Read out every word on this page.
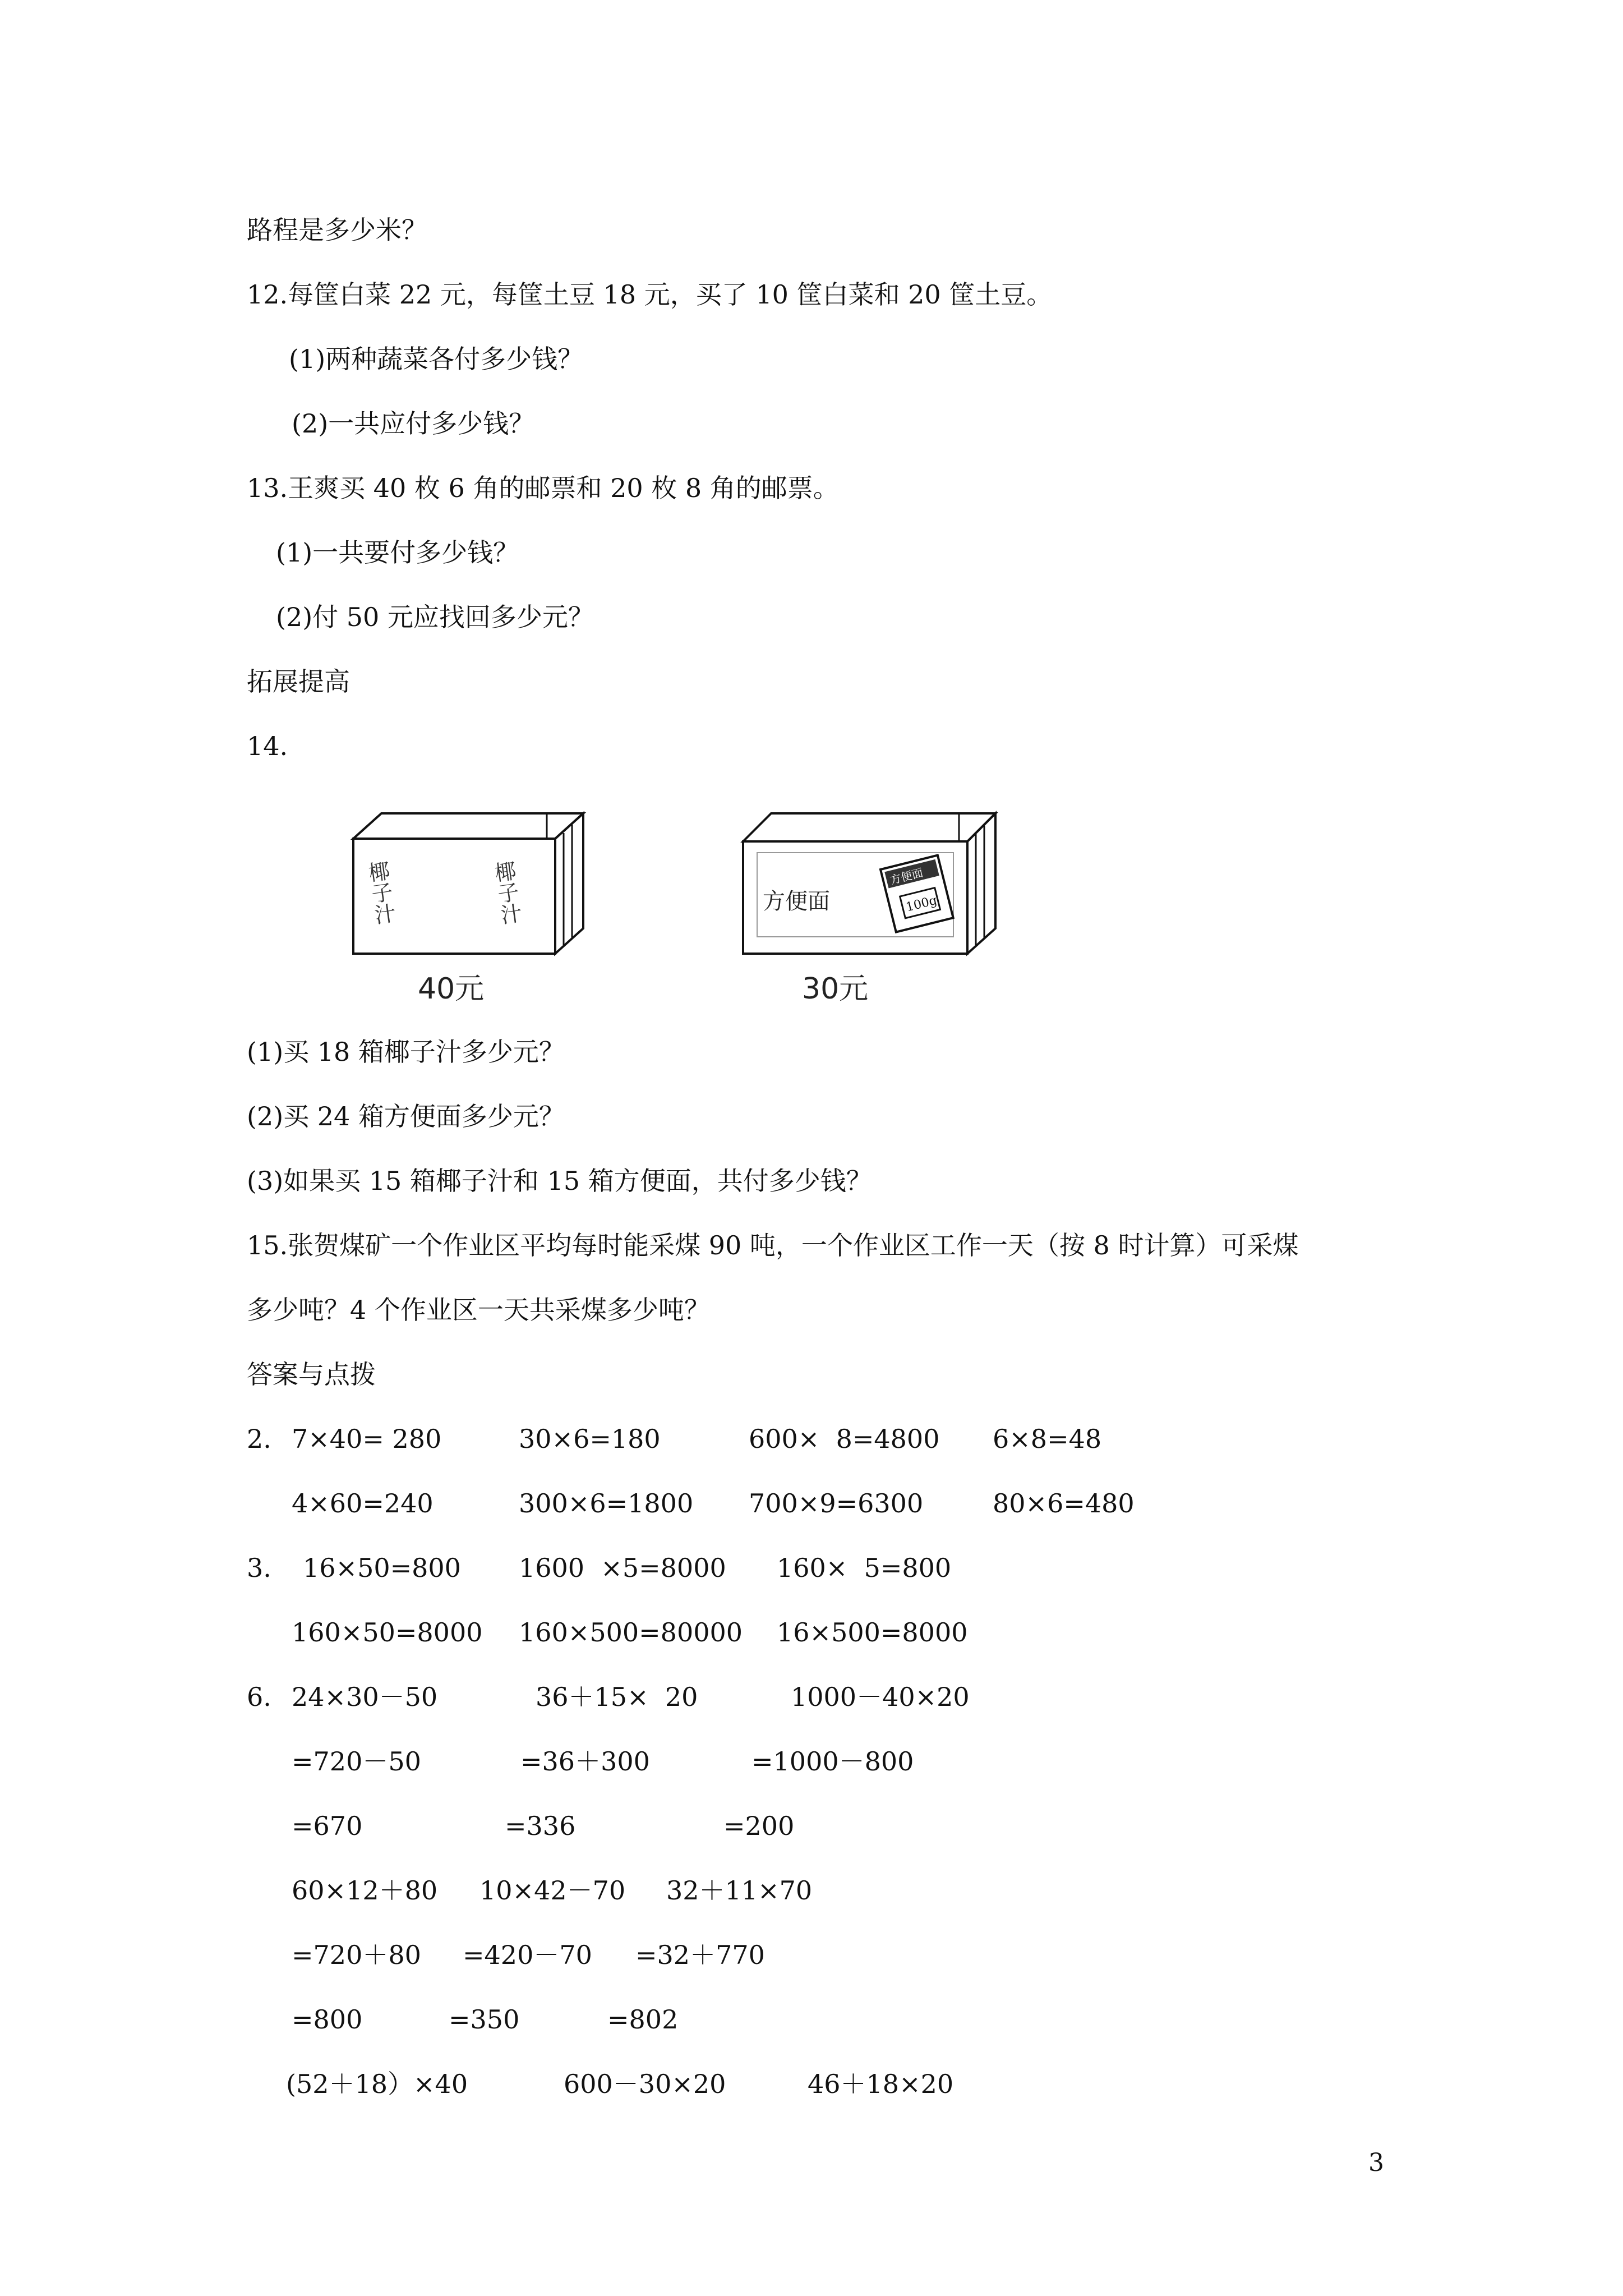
路程是多少米？
12.每筐白菜 22 元，每筐土豆 18 元，买了 10 筐白菜和 20 筐土豆。
(1)两种蔬菜各付多少钱？
(2)一共应付多少钱？
13.王爽买 40 枚 6 角的邮票和 20 枚 8 角的邮票。
(1)一共要付多少钱？
(2)付 50 元应找回多少元？
拓展提高
14.
椰子汁	椰子汁
40元
方便面
方便面
100g
30元
(1)买 18 箱椰子汁多少元？
(2)买 24 箱方便面多少元？
(3)如果买 15 箱椰子汁和 15 箱方便面，共付多少钱？
15.张贺煤矿一个作业区平均每时能采煤 90 吨，一个作业区工作一天（按 8 时计算）可采煤
多少吨？4 个作业区一天共采煤多少吨？
答案与点拨
2. 7×40= 280	30×6=180	600×  8=4800 6×8=48
4×60=240	300×6=1800 700×9=6300	80×6=480
3. 16×50=800 1600  ×5=8000 160×  5=800
160×50=8000 160×500=80000 16×500=8000
6. 24×30－50	36＋15×  20	1000－40×20
=720－50	=36＋300	=1000－800
=670	=336	=200
60×12＋80 10×42－70 32＋11×70
=720＋80 =420－70 =32＋770
=800	=350	=802
(52＋18）×40	600－30×20	46＋18×20
3
